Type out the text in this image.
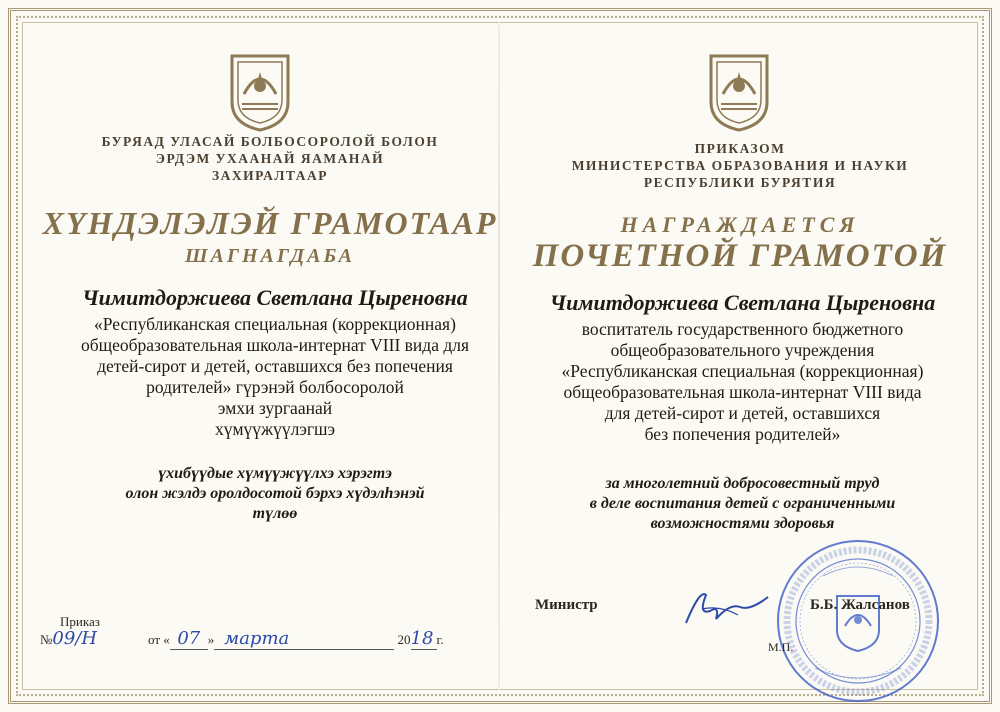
БУРЯАД УЛАСАЙ БОЛБОСОРОЛОЙ БОЛОН
ЭРДЭМ УХААНАЙ ЯАМАНАЙ
ЗАХИРАЛТААР
ХҮНДЭЛЭЛЭЙ ГРАМОТААР
ШАГНАГДАБА
Чимитдоржиева Светлана Цыреновна
«Республиканская специальная (коррекционная)
общеобразовательная школа-интернат VIII вида для
детей-сирот и детей, оставшихся без попечения
родителей» гүрэнэй болбосоролой
эмхи зургаанай
хүмүүжүүлэгшэ
үхибүүдые хүмүүжүүлхэ хэрэгтэ
олон жэлдэ оролдосотой бэрхэ хүдэлһэнэй
түлөө
Приказ
№09/Н	от « 07 » марта	2018 г.
ПРИКАЗОМ
МИНИСТЕРСТВА ОБРАЗОВАНИЯ И НАУКИ
РЕСПУБЛИКИ БУРЯТИЯ
НАГРАЖДАЕТСЯ
ПОЧЕТНОЙ ГРАМОТОЙ
Чимитдоржиева Светлана Цыреновна
воспитатель государственного бюджетного
общеобразовательного учреждения
«Республиканская специальная (коррекционная)
общеобразовательная школа-интернат VIII вида
для детей-сирот и детей, оставшихся
без попечения родителей»
за многолетний добросовестный труд
в деле воспитания детей с ограниченными
возможностями здоровья
Министр	Б.Б. Жалсанов
М.П.
